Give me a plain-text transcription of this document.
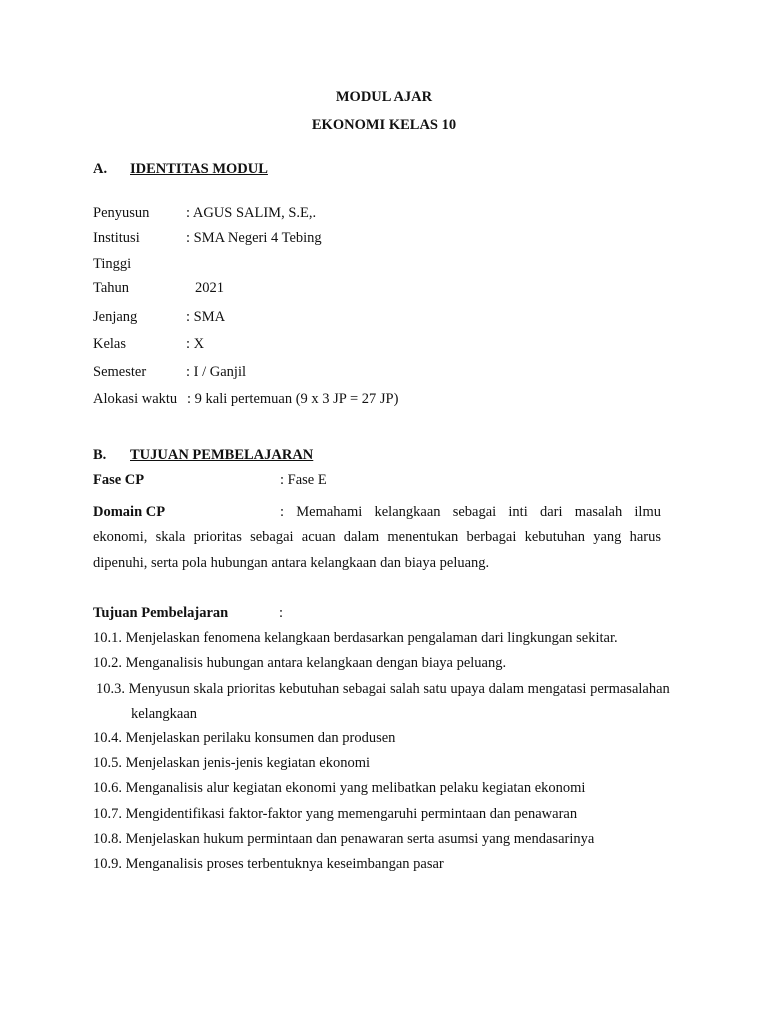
MODUL AJAR
EKONOMI KELAS 10
A. IDENTITAS MODUL
Penyusun	: AGUS SALIM, S.E,.
Institusi	: SMA Negeri 4 Tebing
Tinggi
Tahun	2021
Jenjang	: SMA
Kelas	: X
Semester	: I / Ganjil
Alokasi waktu : 9 kali pertemuan (9 x 3 JP = 27 JP)
B. TUJUAN PEMBELAJARAN
Fase CP	: Fase E
Domain CP	: Memahami kelangkaan sebagai inti dari masalah ilmu
ekonomi, skala prioritas sebagai acuan dalam menentukan berbagai kebutuhan yang harus
dipenuhi, serta pola hubungan antara kelangkaan dan biaya peluang.
Tujuan Pembelajaran	:
10.1. Menjelaskan fenomena kelangkaan berdasarkan pengalaman dari lingkungan sekitar.
10.2. Menganalisis hubungan antara kelangkaan dengan biaya peluang.
10.3. Menyusun skala prioritas kebutuhan sebagai salah satu upaya dalam mengatasi permasalahan
kelangkaan
10.4. Menjelaskan perilaku konsumen dan produsen
10.5. Menjelaskan jenis-jenis kegiatan ekonomi
10.6. Menganalisis alur kegiatan ekonomi yang melibatkan pelaku kegiatan ekonomi
10.7. Mengidentifikasi faktor-faktor yang memengaruhi permintaan dan penawaran
10.8. Menjelaskan hukum permintaan dan penawaran serta asumsi yang mendasarinya
10.9. Menganalisis proses terbentuknya keseimbangan pasar
